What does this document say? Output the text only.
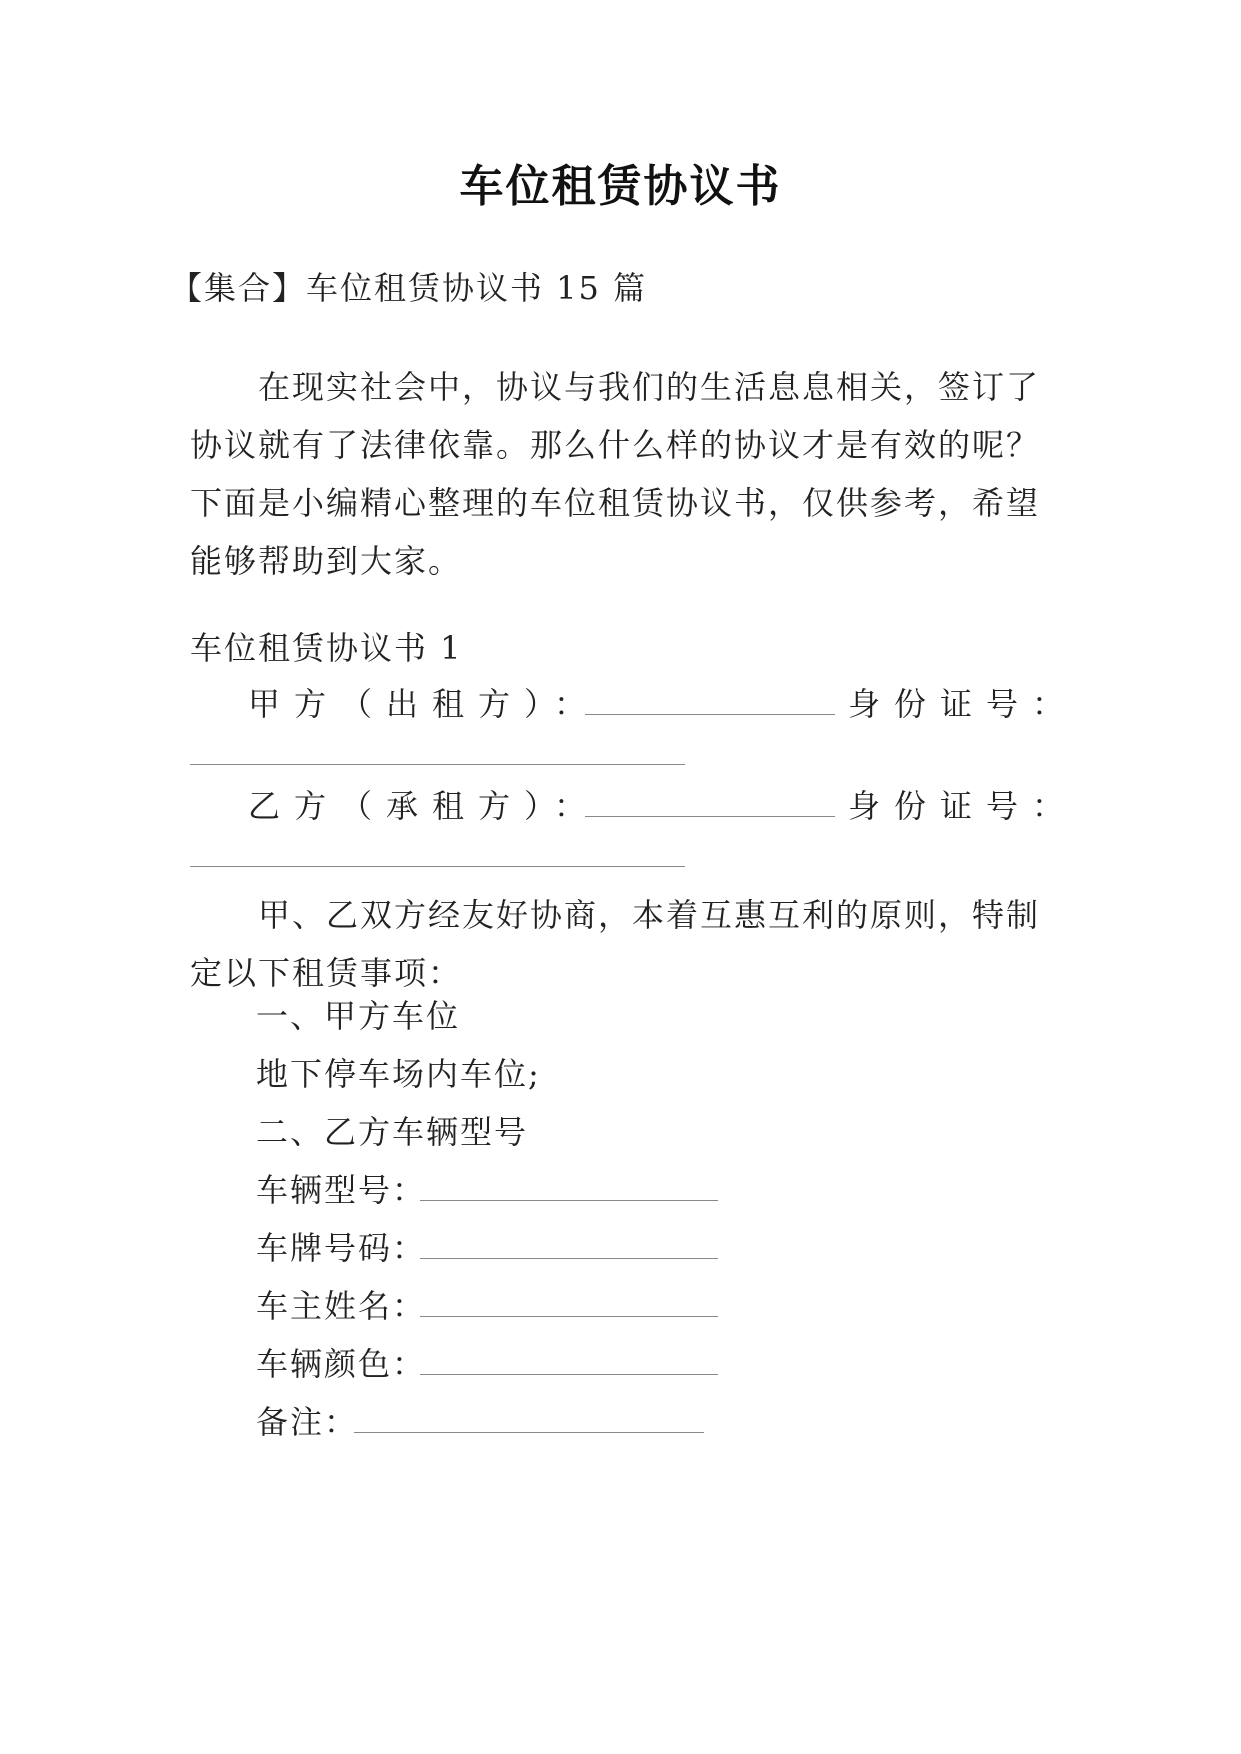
车位租赁协议书
【集合】车位租赁协议书 15 篇
在现实社会中，协议与我们的生活息息相关，签订了协议就有了法律依靠。那么什么样的协议才是有效的呢？下面是小编精心整理的车位租赁协议书，仅供参考，希望能够帮助到大家。
车位租赁协议书 1
甲方（出租方）：	身份证号：
乙方（承租方）：	身份证号：
甲、乙双方经友好协商，本着互惠互利的原则，特制定以下租赁事项：
一、甲方车位
地下停车场内车位;
二、乙方车辆型号
车辆型号：
车牌号码：
车主姓名：
车辆颜色：
备注：
